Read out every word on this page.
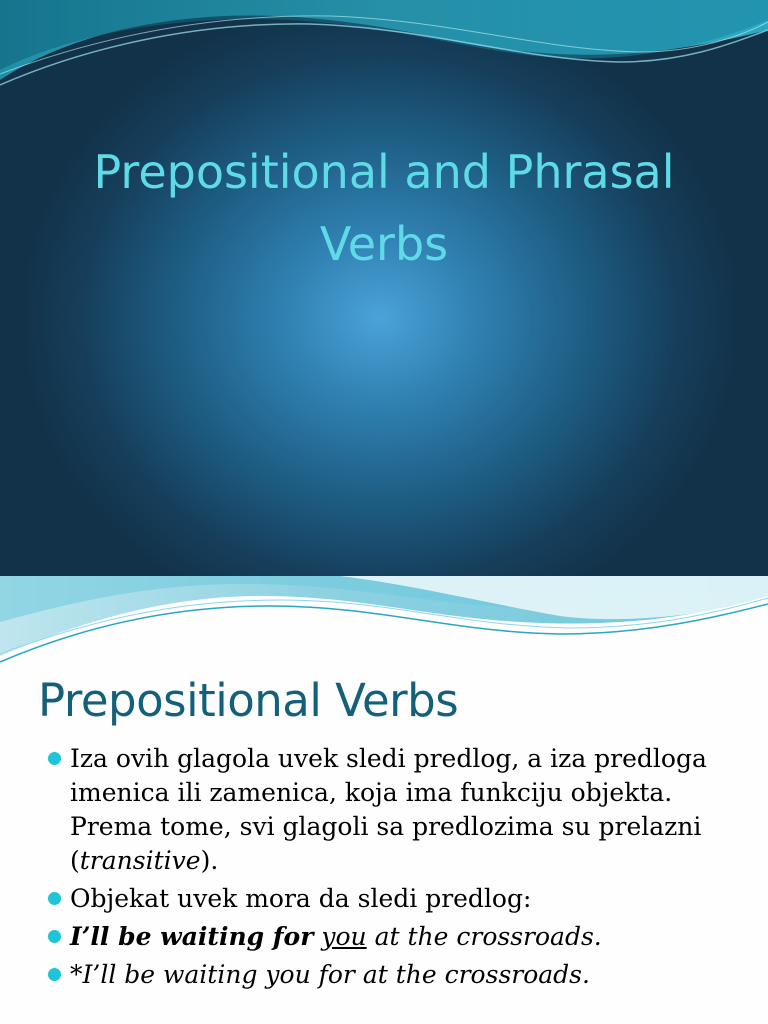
Prepositional and Phrasal
Verbs
Prepositional Verbs
Iza ovih glagola uvek sledi predlog, a iza predloga imenica ili zamenica, koja ima funkciju objekta. Prema tome, svi glagoli sa predlozima su prelazni (transitive).
Objekat uvek mora da sledi predlog:
I’ll be waiting for you at the crossroads.
*I’ll be waiting you for at the crossroads.
